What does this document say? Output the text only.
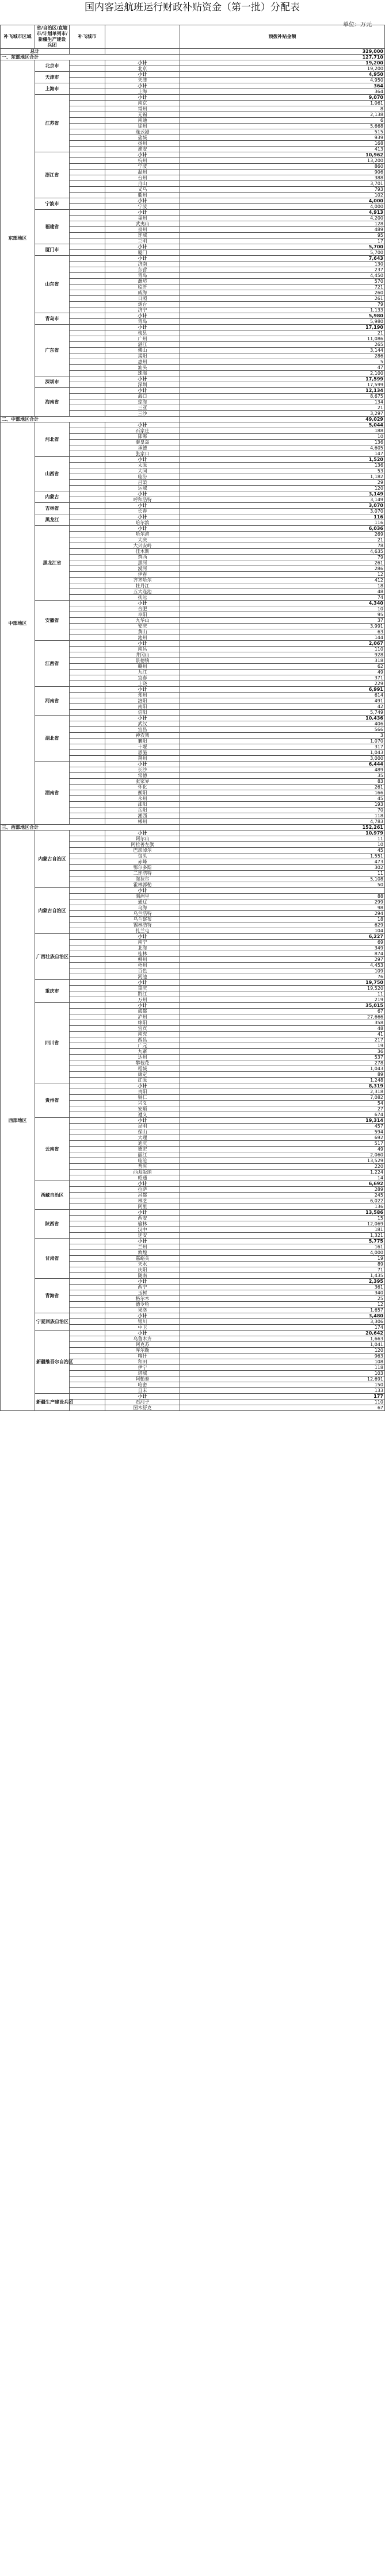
国内客运航班运行财政补贴资金（第一批）分配表
单位：万元
补飞城市区域	省/自治区/直辖市/计划单列市/新疆生产建设兵团	补飞城市		预拨补贴金额
总计				329,000
一、东部地区合计				127,710
东部地区	北京市		小计	19,200
			北京	19,200
	天津市		小计	4,950
			天津	4,950
	上海市		小计	364
			上海	364
	江苏省		小计	9,070
			南京	1,061
			常州	8
			无锡	2,138
			南通	6
			徐州	5,668
			连云港	515
			盐城	939
			扬州	168
			淮安	413
	浙江省		小计	10,962
			杭州	13,200
			宁波	860
			温州	906
			台州	388
			舟山	3,701
			义乌	793
			衢州	102
	宁波市		小计	4,000
			宁波	4,000
	福建省		小计	4,913
			福州	4,200
			武夷山	128
			泉州	489
			连城	95
			三明	17
	厦门市		小计	5,700
			厦门	5,700
	山东省		小计	7,643
			济南	130
			东营	237
			青岛	4,450
			潍坊	570
			临沂	721
			威海	260
			日照	261
			烟台	79
			济宁	1,133
	青岛市		小计	5,980
			青岛	5,980
	广东省		小计	17,190
			梅县	21
			广州	11,086
			湛江	265
			佛山	3,144
			揭阳	286
			惠州	5
			汕头	47
			珠海	2,100
	深圳市		小计	17,599
			深圳	17,599
	海南省		小计	12,134
			海口	8,675
			琼海	134
			三亚	21
			三沙	3,297
二、中部地区合计				49,029
中部地区	河北省		小计	5,044
			石家庄	188
			邯郸	10
			秦皇岛	136
			承德	4,605
			张家口	147
	山西省		小计	1,520
			太原	136
			大同	53
			临汾	1,182
			吕梁	29
			运城	120
	内蒙古		小计	3,149
			呼和浩特	3,149
	吉林省		小计	3,070
			长春	3,070
	黑龙江		小计	116
			哈尔滨	116
	黑龙江省		小计	6,036
			哈尔滨	269
			大庆	21
			大兴安岭	78
			佳木斯	4,635
			鸡西	79
			黑河	261
			漠河	286
			伊春	12
			齐齐哈尔	412
			牡丹江	18
			五大连池	48
			抚远	74
	安徽省		小计	4,340
			合肥	10
			阜阳	95
			九华山	37
			安庆	3,991
			黄山	63
			池州	144
	江西省		小计	2,067
			南昌	110
			井冈山	928
			景德镇	318
			赣州	62
			九江	49
			宜春	371
			上饶	229
	河南省		小计	6,991
			郑州	614
			洛阳	491
			南阳	42
			信阳	5,749
	湖北省		小计	10,436
			武汉	406
			宜昌	566
			神农架	3
			襄阳	1,070
			十堰	317
			恩施	1,043
			荆州	3,000
	湖南省		小计	6,444
			长沙	489
			常德	35
			张家界	83
			怀化	261
			衡阳	166
			永州	45
			邵阳	193
			岳阳	70
			湘西	118
			郴州	4,783
三、西部地区合计				152,261
西部地区	内蒙古自治区		小计	10,979
			阿尔山	11
			阿拉善左旗	10
			巴彦淖尔	45
			包头	1,551
			赤峰	473
			鄂尔多斯	302
			二连浩特	11
			海拉尔	5,108
			霍林郭勒	50
	内蒙古自治区		小计	
			满洲里	88
			通辽	299
			乌海	98
			乌兰浩特	294
			乌兰察布	18
			锡林浩特	629
			扎兰屯	104
	广西壮族自治区		小计	6,227
			南宁	69
			北海	349
			桂林	874
			柳州	297
			梧州	4,453
			百色	109
			河池	76
	重庆市		小计	19,750
			重庆	19,520
			黔江	11
			万州	219
	四川省		小计	35,015
			成都	67
			泸州	27,666
			绵阳	358
			宜宾	48
			南充	41
			西昌	217
			广元	19
			九寨	36
			达州	537
			攀枝花	278
			稻城	1,043
			康定	89
			红原	1,248
	贵州省		小计	8,319
			贵阳	2,318
			铜仁	7,082
			兴义	54
			安顺	27
			遵义	674
	云南省		小计	19,314
			昆明	457
			保山	594
			大理	692
			迪庆	517
			德宏	49
			丽江	2,060
			临沧	13,529
			普洱	220
			西双版纳	1,224
			昭通	14
	西藏自治区		小计	6,692
			拉萨	289
			昌都	245
			林芝	6,022
			阿里	136
	陕西省		小计	13,586
			西安	15
			榆林	12,069
			汉中	181
			延安	1,321
	甘肃省		小计	5,775
			兰州	161
			敦煌	4,000
			嘉峪关	19
			天水	89
			庆阳	71
			陇南	1,435
	青海省		小计	2,395
			西宁	361
			玉树	340
			格尔木	25
			德令哈	12
			果洛	1,657
	宁夏回族自治区		小计	3,480
			银川	3,306
			中卫	174
	新疆维吾尔自治区		小计	20,642
			乌鲁木齐	1,663
			阿克苏	1,041
			库尔勒	120
			喀什	963
			和田	108
			伊宁	118
			塔城	103
			阿勒泰	12,691
			哈密	150
			且末	133
	新疆生产建设兵团		小计	177
			石河子	110
			图木舒克	67
